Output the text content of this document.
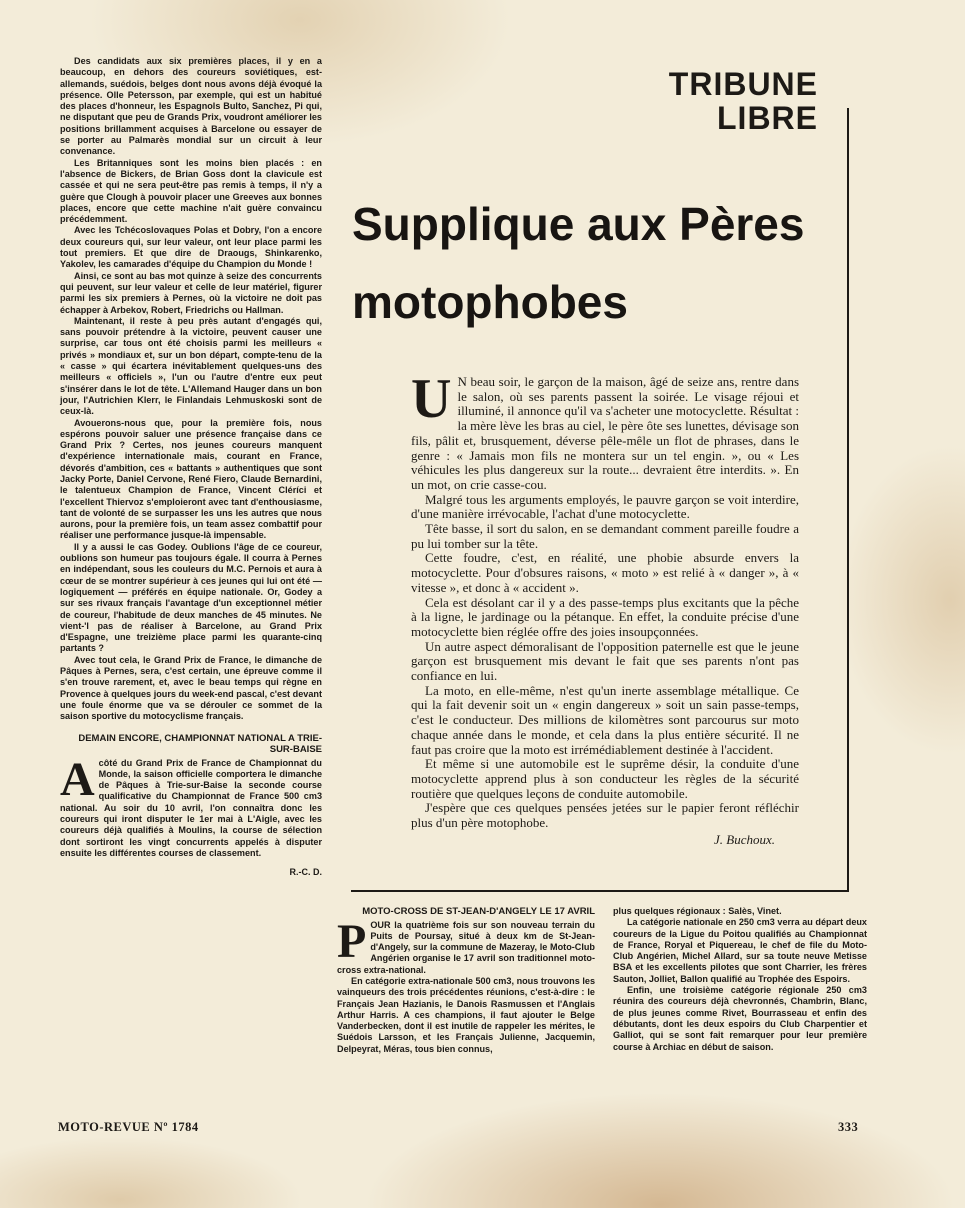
Des candidats aux six premières places, il y en a beaucoup, en dehors des coureurs soviétiques, est-allemands, suédois, belges dont nous avons déjà évoqué la présence. Olle Petersson, par exemple, qui est un habitué des places d'honneur, les Espagnols Bulto, Sanchez, Pi qui, ne disputant que peu de Grands Prix, voudront améliorer les positions brillamment acquises à Barcelone ou essayer de se porter au Palmarès mondial sur un circuit à leur convenance.

Les Britanniques sont les moins bien placés : en l'absence de Bickers, de Brian Goss dont la clavicule est cassée et qui ne sera peut-être pas remis à temps, il n'y a guère que Clough à pouvoir placer une Greeves aux bonnes places, encore que cette machine n'ait guère convaincu précédemment.

Avec les Tchécoslovaques Polas et Dobry, l'on a encore deux coureurs qui, sur leur valeur, ont leur place parmi les tout premiers. Et que dire de Draougs, Shinkarenko, Yakolev, les camarades d'équipe du Champion du Monde !

Ainsi, ce sont au bas mot quinze à seize des concurrents qui peuvent, sur leur valeur et celle de leur matériel, figurer parmi les six premiers à Pernes, où la victoire ne doit pas échapper à Arbekov, Robert, Friedrichs ou Hallman.

Maintenant, il reste à peu près autant d'engagés qui, sans pouvoir prétendre à la victoire, peuvent causer une surprise, car tous ont été choisis parmi les meilleurs « privés » mondiaux et, sur un bon départ, compte-tenu de la « casse » qui écartera inévitablement quelques-uns des meilleurs « officiels », l'un ou l'autre d'entre eux peut s'insérer dans le lot de tête. L'Allemand Hauger dans un bon jour, l'Autrichien Klerr, le Finlandais Lehmuskoski sont de ceux-là.

Avouerons-nous que, pour la première fois, nous espérons pouvoir saluer une présence française dans ce Grand Prix ? Certes, nos jeunes coureurs manquent d'expérience internationale mais, courant en France, dévorés d'ambition, ces « battants » authentiques que sont Jacky Porte, Daniel Cervone, René Fiero, Claude Bernardini, le talentueux Champion de France, Vincent Cléríci et l'excellent Thiervoz s'emploieront avec tant d'enthousiasme, tant de volonté de se surpasser les uns les autres que nous aurons, pour la première fois, un team assez combattif pour réaliser une performance jusque-là impensable.

Il y a aussi le cas Godey. Oublions l'âge de ce coureur, oublions son humeur pas toujours égale. Il courra à Pernes en indépendant, sous les couleurs du M.C. Pernois et aura à cœur de se montrer supérieur à ces jeunes qui lui ont été — logiquement — préférés en équipe nationale. Or, Godey a sur ses rivaux français l'avantage d'un exceptionnel métier de coureur, l'habitude de deux manches de 45 minutes. Ne vient-'l pas de réaliser à Barcelone, au Grand Prix d'Espagne, une treizième place parmi les quarante-cinq partants ?

Avec tout cela, le Grand Prix de France, le dimanche de Pâques à Pernes, sera, c'est certain, une épreuve comme il s'en trouve rarement, et, avec le beau temps qui règne en Provence à quelques jours du week-end pascal, c'est devant une foule énorme que va se dérouler ce sommet de la saison sportive du motocyclisme français.

DEMAIN ENCORE, CHAMPIONNAT NATIONAL A TRIE-SUR-BAISE
A côté du Grand Prix de France de Championnat du Monde, la saison officielle comportera le dimanche de Pâques à Trie-sur-Baise la seconde course qualificative du Championnat de France 500 cm3 national. Au soir du 10 avril, l'on connaîtra donc les coureurs qui iront disputer le 1er mai à L'Aigle, avec les coureurs déjà qualifiés à Moulins, la course de sélection dont sortiront les vingt concurrents appelés à disputer ensuite les différentes courses de classement.
R.-C. D.
TRIBUNE
LIBRE
Supplique aux Pères motophobes

U N beau soir, le garçon de la maison, âgé de seize ans, rentre dans le salon, où ses parents passent la soirée. Le visage réjoui et illuminé, il annonce qu'il va s'acheter une motocyclette. Résultat : la mère lève les bras au ciel, le père ôte ses lunettes, dévisage son fils, pâlit et, brusquement, déverse pêle-mêle un flot de phrases, dans le genre : « Jamais mon fils ne montera sur un tel engin. », ou « Les véhicules les plus dangereux sur la route... devraient être interdits. ». En un mot, on crie casse-cou.

Malgré tous les arguments employés, le pauvre garçon se voit interdire, d'une manière irrévocable, l'achat d'une motocyclette.

Tête basse, il sort du salon, en se demandant comment pareille foudre a pu lui tomber sur la tête.

Cette foudre, c'est, en réalité, une phobie absurde envers la motocyclette. Pour d'obsures raisons, « moto » est relié à « danger », à « vitesse », et donc à « accident ».

Cela est désolant car il y a des passe-temps plus excitants que la pêche à la ligne, le jardinage ou la pétanque. En effet, la conduite précise d'une motocyclette bien réglée offre des joies insoupçonnées.

Un autre aspect démoralisant de l'opposition paternelle est que le jeune garçon est brusquement mis devant le fait que ses parents n'ont pas confiance en lui.

La moto, en elle-même, n'est qu'un inerte assemblage métallique. Ce qui la fait devenir soit un « engin dangereux » soit un sain passe-temps, c'est le conducteur. Des millions de kilomètres sont parcourus sur moto chaque année dans le monde, et cela dans la plus entière sécurité. Il ne faut pas croire que la moto est irrémédiablement destinée à l'accident.

Et même si une automobile est le suprême désir, la conduite d'une motocyclette apprend plus à son conducteur les règles de la sécurité routière que quelques leçons de conduite automobile.

J'espère que ces quelques pensées jetées sur le papier feront réfléchir plus d'un père motophobe.

J. Buchoux.
MOTO-CROSS DE ST-JEAN-D'ANGELY LE 17 AVRIL
P OUR la quatrième fois sur son nouveau terrain du Puits de Poursay, situé à deux km de St-Jean-d'Angely, sur la commune de Mazeray, le Moto-Club Angérien organise le 17 avril son traditionnel moto-cross extra-national.

En catégorie extra-nationale 500 cm3, nous trouvons les vainqueurs des trois précédentes réunions, c'est-à-dire : le Français Jean Hazianis, le Danois Rasmussen et l'Anglais Arthur Harris. A ces champions, il faut ajouter le Belge Vanderbecken, dont il est inutile de rappeler les mérites, le Suédois Larsson, et les Français Julienne, Jacquemin, Delpeyrat, Méras, tous bien connus,

plus quelques régionaux : Salès, Vinet.

La catégorie nationale en 250 cm3 verra au départ deux coureurs de la Ligue du Poitou qualifiés au Championnat de France, Roryal et Piquereau, le chef de file du Moto-Club Angérien, Michel Allard, sur sa toute neuve Metisse BSA et les excellents pilotes que sont Charrier, les frères Sauton, Jolliet, Ballon qualifié au Trophée des Espoirs.

Enfin, une troisième catégorie régionale 250 cm3 réunira des coureurs déjà chevronnés, Chambrin, Blanc, de plus jeunes comme Rivet, Bourrasseau et enfin des débutants, dont les deux espoirs du Club Charpentier et Galliot, qui se sont fait remarquer pour leur première course à Archiac en début de saison.

MOTO-REVUE Nº 1784	333
